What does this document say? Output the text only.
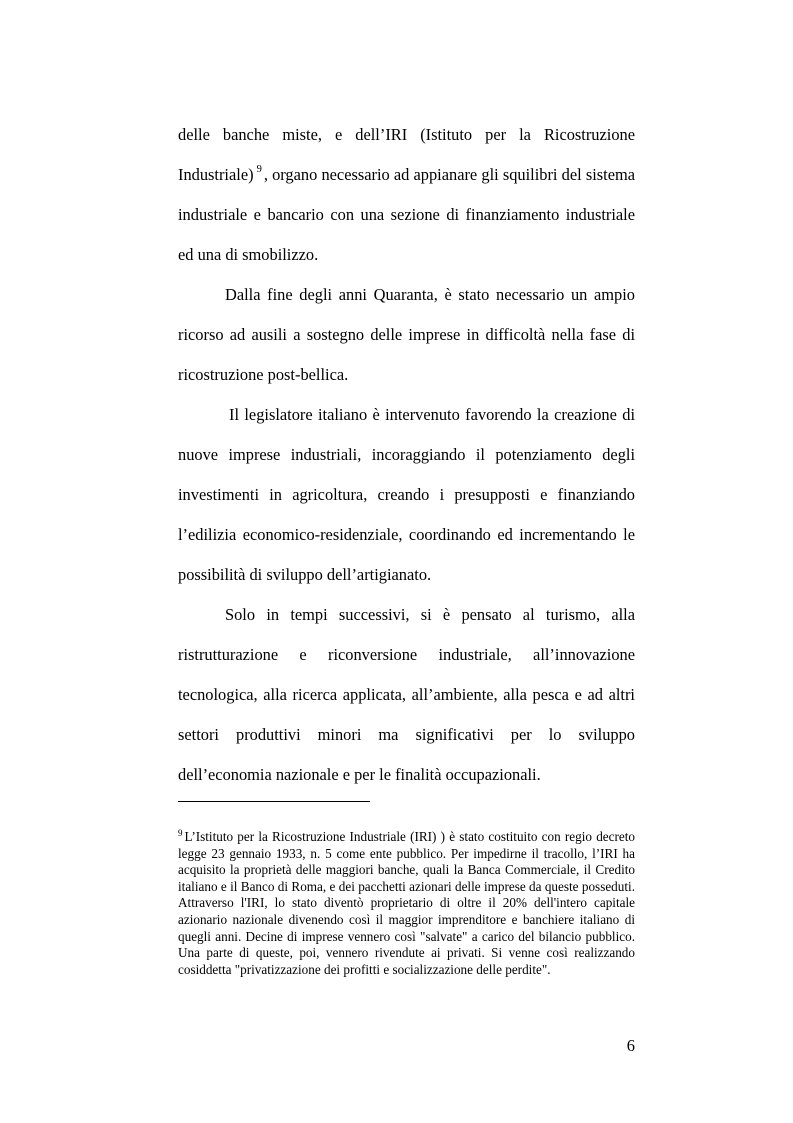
delle banche miste, e dell’IRI (Istituto per la Ricostruzione Industriale) $^9$ , organo necessario ad appianare gli squilibri del sistema industriale e bancario con una sezione di finanziamento industriale ed una di smobilizzo.

Dalla fine degli anni Quaranta, è stato necessario un ampio ricorso ad ausili a sostegno delle imprese in difficoltà nella fase di ricostruzione post-bellica.

Il legislatore italiano è intervenuto favorendo la creazione di nuove imprese industriali, incoraggiando il potenziamento degli investimenti in agricoltura, creando i presupposti e finanziando l’edilizia economico-residenziale, coordinando ed incrementando le possibilità di sviluppo dell’artigianato.

Solo in tempi successivi, si è pensato al turismo, alla ristrutturazione e riconversione industriale, all’innovazione tecnologica, alla ricerca applicata, all’ambiente, alla pesca e ad altri settori produttivi minori ma significativi per lo sviluppo dell’economia nazionale e per le finalità occupazionali.

$^9$ L’Istituto per la Ricostruzione Industriale (IRI) ) è stato costituito con regio decreto legge 23 gennaio 1933, n. 5 come ente pubblico. Per impedirne il tracollo, l’IRI ha acquisito la proprietà delle maggiori banche, quali la Banca Commerciale, il Credito italiano e il Banco di Roma, e dei pacchetti azionari delle imprese da queste posseduti. Attraverso l'IRI, lo stato diventò proprietario di oltre il 20% dell'intero capitale azionario nazionale divenendo così il maggior imprenditore e banchiere italiano di quegli anni. Decine di imprese vennero così "salvate" a carico del bilancio pubblico. Una parte di queste, poi, vennero rivendute ai privati. Si venne così realizzando cosiddetta "privatizzazione dei profitti e socializzazione delle perdite".

6
